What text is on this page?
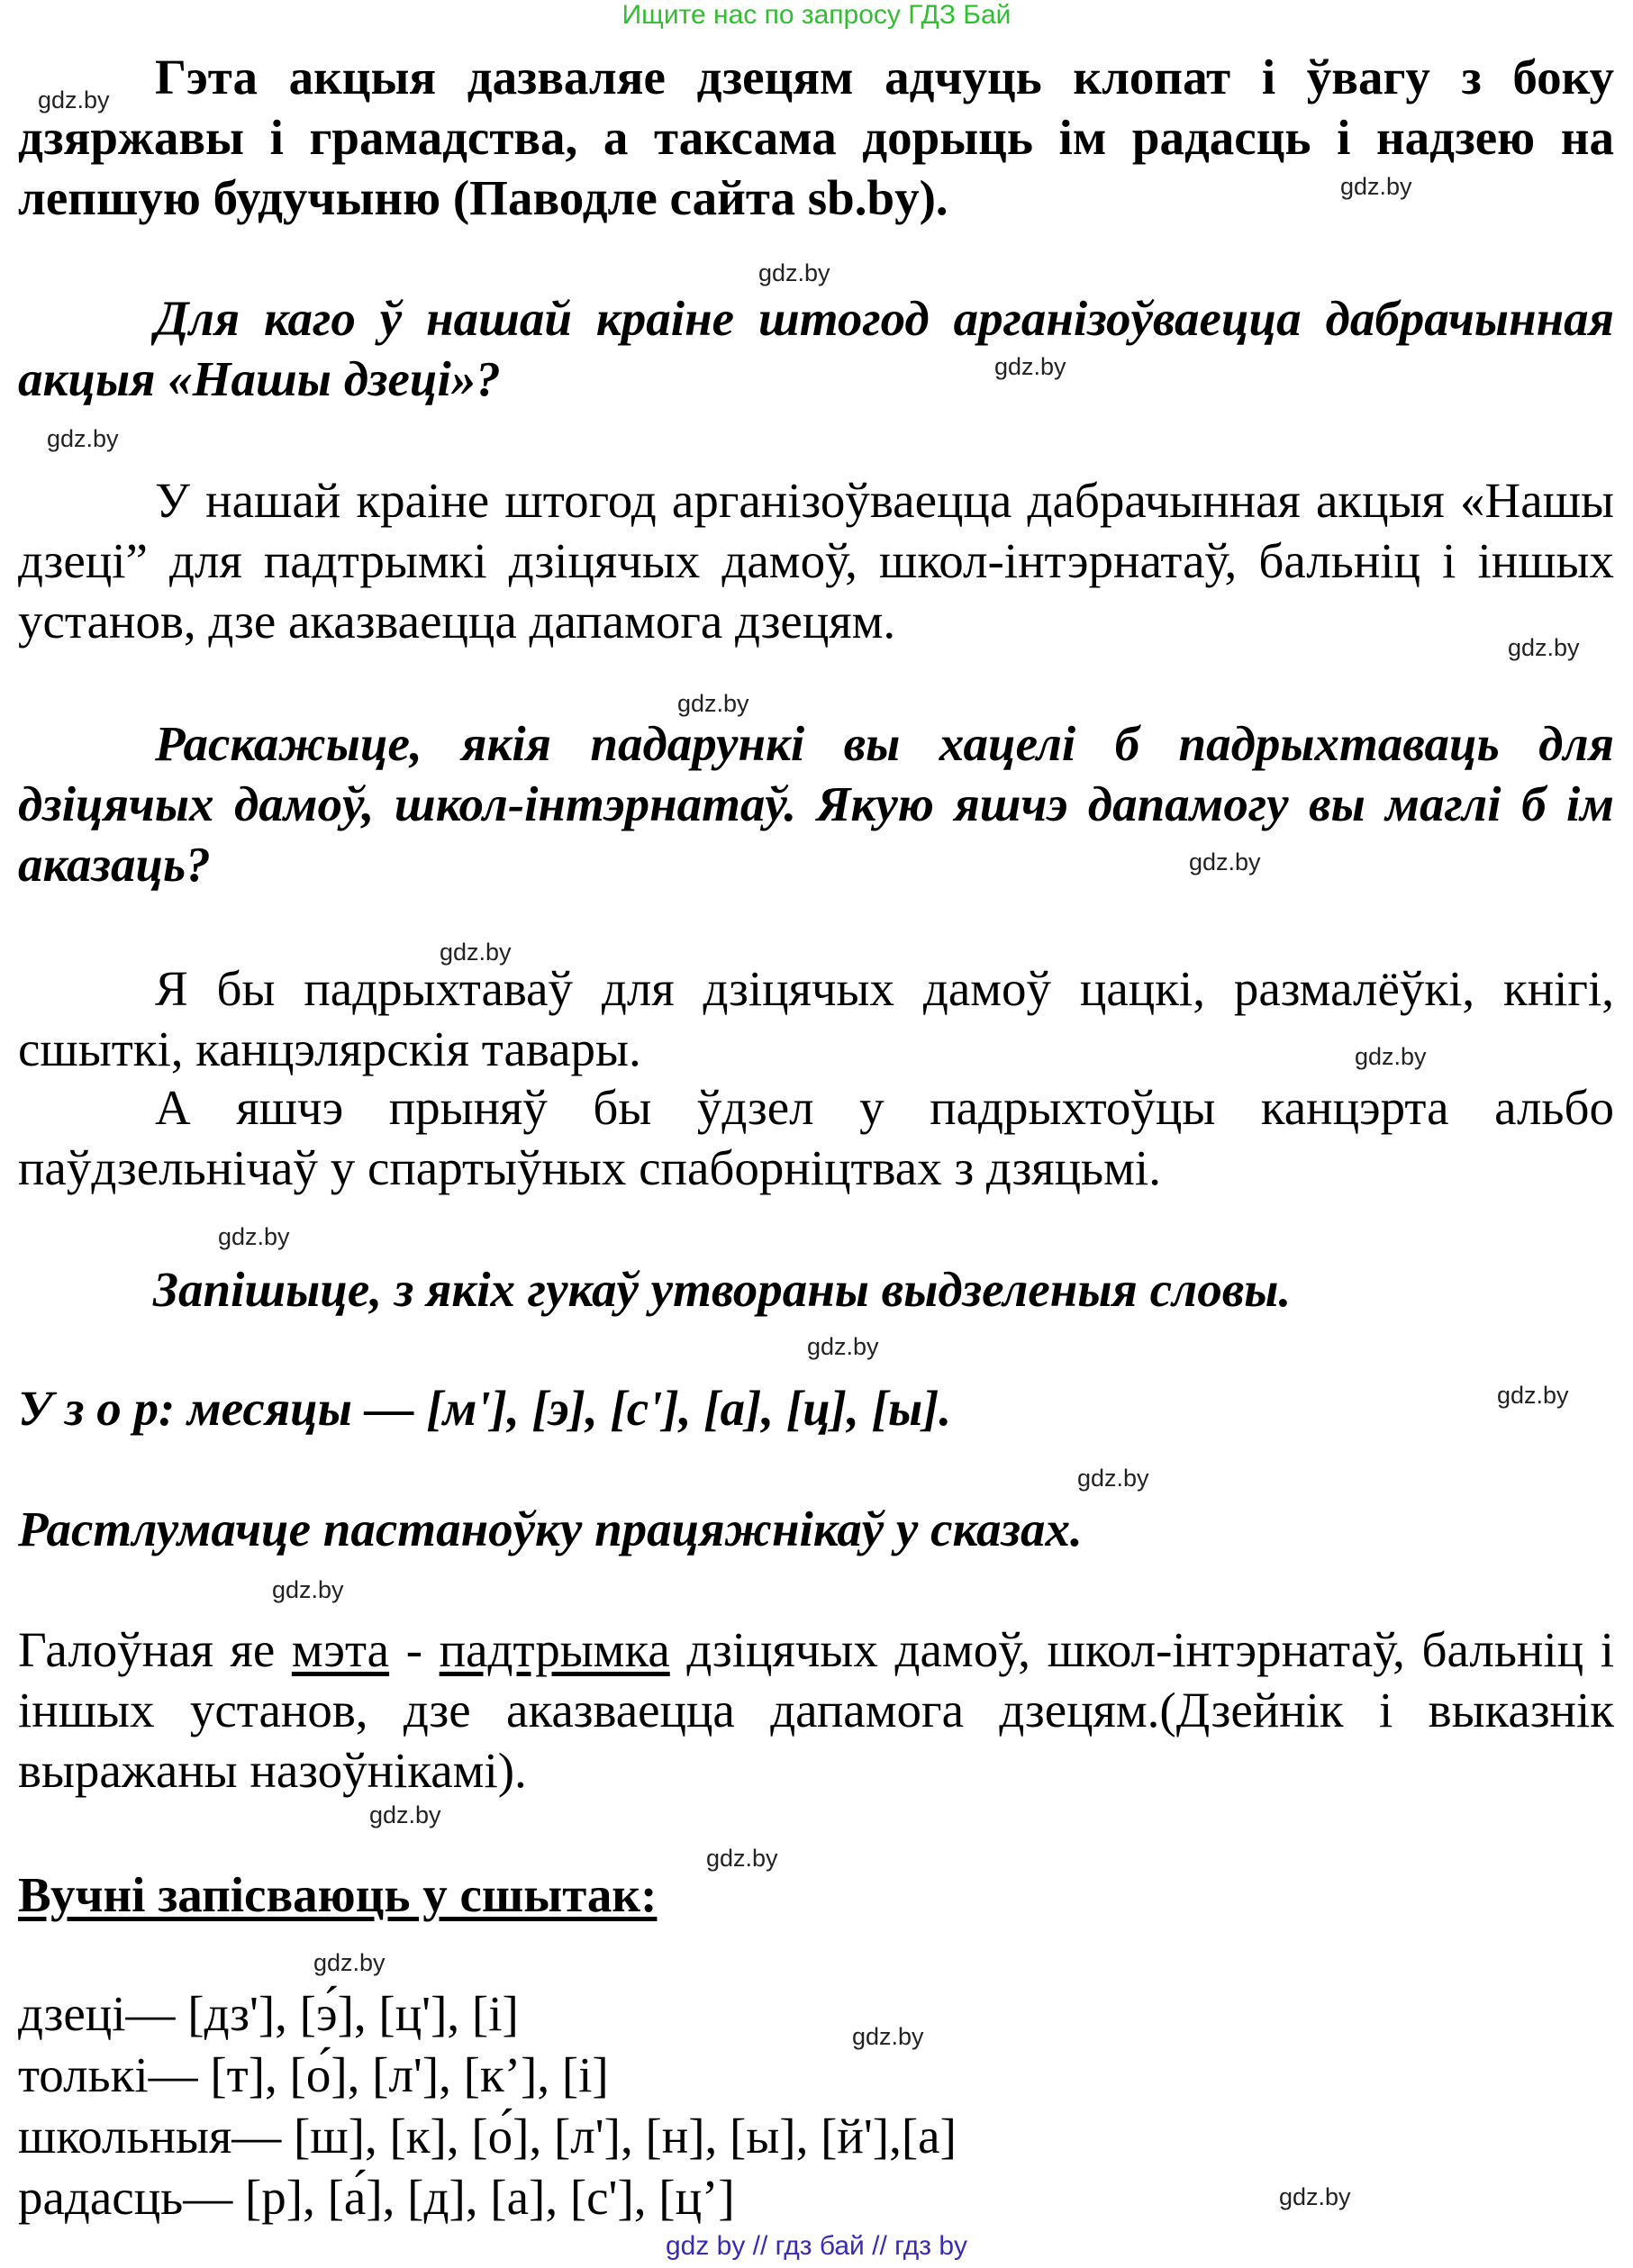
Ищите нас по запросу ГДЗ Бай
gdz.by
gdz.by
gdz.by
gdz.by
gdz.by
gdz.by
gdz.by
gdz.by
gdz.by
gdz.by
gdz.by
gdz.by
gdz.by
gdz.by
gdz.by
gdz.by
gdz.by
gdz.by
gdz.by
gdz.by
Гэта акцыя дазваляе дзецям адчуць клопат і ўвагу з боку дзяржавы і грамадства, а таксама дорыць ім радасць і надзею на лепшую будучыню (Паводле сайта sb.by).
Для каго ў нашай краіне штогод арганізоўваецца дабрачынная акцыя «Нашы дзеці»?
У нашай краіне штогод арганізоўваецца дабрачынная акцыя «Нашы дзеці” для падтрымкі дзіцячых дамоў, школ-інтэрнатаў, бальніц і іншых установ, дзе аказваецца дапамога дзецям.
Раскажыце, якія падарункі вы хацелі б падрыхтаваць для дзіцячых дамоў, школ-інтэрнатаў. Якую яшчэ дапамогу вы маглі б ім аказаць?
Я бы падрыхтаваў для дзіцячых дамоў цацкі, размалёўкі, кнігі, сшыткі, канцэлярскія тавары.
А яшчэ прыняў бы ўдзел у падрыхтоўцы канцэрта альбо паўдзельнічаў у спартыўных спаборніцтвах з дзяцьмі.
Запішыце, з якіх гукаў утвораны выдзеленыя словы.
У з о р: месяцы — [м'], [э], [с'], [а], [ц], [ы].
Растлумачце пастаноўку працяжнікаў у сказах.
Галоўная яе мэта - падтрымка дзіцячых дамоў, школ-інтэрнатаў, бальніц і іншых установ, дзе аказваецца дапамога дзецям.(Дзейнік і выказнік выражаны назоўнікамі).
Вучні запісваюць у сшытак:
дзеці— [дз'], [э́], [ц'], [і]
толькі— [т], [о́], [л'], [к’], [і]
школьныя— [ш], [к], [о́], [л'], [н], [ы], [й'],[а]
радасць— [р], [а́], [д], [а], [с'], [ц’]
gdz by // гдз бай // гдз by
